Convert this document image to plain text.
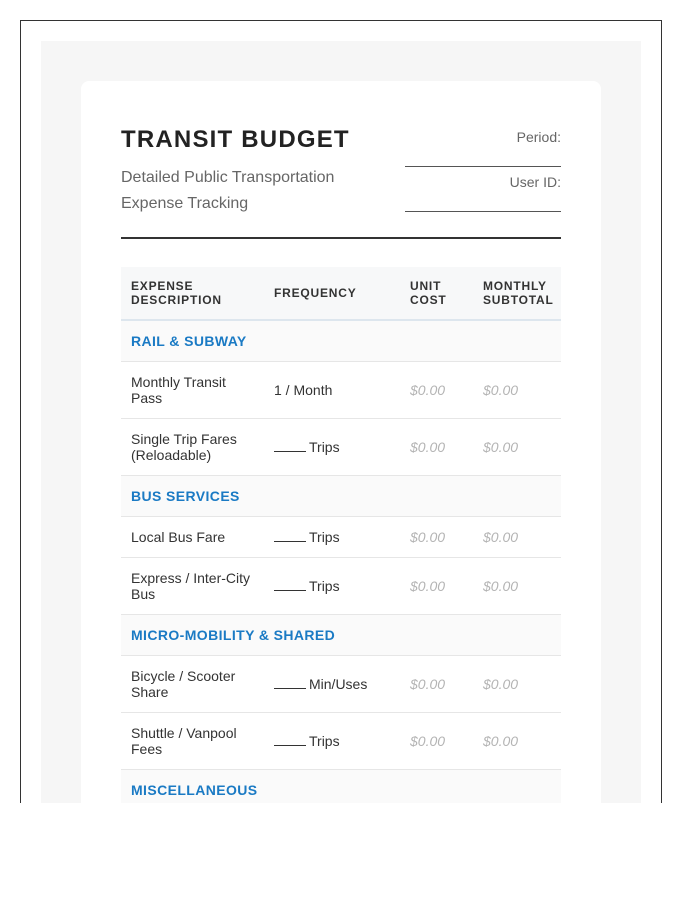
TRANSIT BUDGET
Detailed Public Transportation Expense Tracking
Period:
User ID:
EXPENSE DESCRIPTION	FREQUENCY	UNIT COST	MONTHLY SUBTOTAL
RAIL & SUBWAY			
Monthly Transit Pass	1 / Month	$0.00	$0.00
Single Trip Fares (Reloadable)	Trips	$0.00	$0.00
BUS SERVICES			
Local Bus Fare	Trips	$0.00	$0.00
Express / Inter-City Bus	Trips	$0.00	$0.00
MICRO-MOBILITY & SHARED			
Bicycle / Scooter Share	Min/Uses	$0.00	$0.00
Shuttle / Vanpool Fees	Trips	$0.00	$0.00
MISCELLANEOUS			
